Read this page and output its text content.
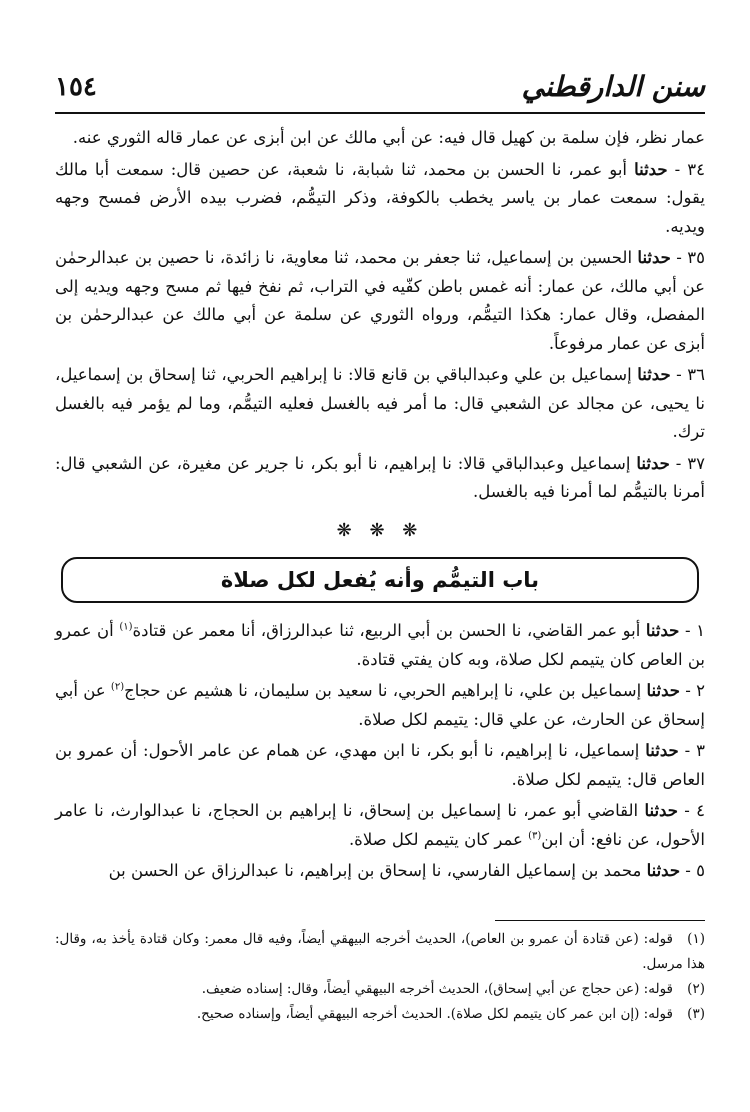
سنن الدارقطني
١٥٤

عمار نظر، فإن سلمة بن كهيل قال فيه: عن أبي مالك عن ابن أبزى عن عمار قاله الثوري عنه.

٣٤ - حدثنا أبو عمر، نا الحسن بن محمد، ثنا شبابة، نا شعبة، عن حصين قال: سمعت أبا مالك يقول: سمعت عمار بن ياسر يخطب بالكوفة، وذكر التيمُّم، فضرب بيده الأرض فمسح وجهه ويديه.

٣٥ - حدثنا الحسين بن إسماعيل، ثنا جعفر بن محمد، ثنا معاوية، نا زائدة، نا حصين بن عبدالرحمٰن عن أبي مالك، عن عمار: أنه غمس باطن كفّيه في التراب، ثم نفخ فيها ثم مسح وجهه ويديه إلى المفصل، وقال عمار: هكذا التيمُّم، ورواه الثوري عن سلمة عن أبي مالك عن عبدالرحمٰن بن أبزى عن عمار مرفوعاً.

٣٦ - حدثنا إسماعيل بن علي وعبدالباقي بن قانع قالا: نا إبراهيم الحربي، ثنا إسحاق بن إسماعيل، نا يحيى، عن مجالد عن الشعبي قال: ما أمر فيه بالغسل فعليه التيمُّم، وما لم يؤمر فيه بالغسل ترك.

٣٧ - حدثنا إسماعيل وعبدالباقي قالا: نا إبراهيم، نا أبو بكر، نا جرير عن مغيرة، عن الشعبي قال: أمرنا بالتيمُّم لما أمرنا فيه بالغسل.

❋ ❋ ❋
باب التيمُّم وأنه يُفعل لكل صلاة

١ - حدثنا أبو عمر القاضي، نا الحسن بن أبي الربيع، ثنا عبدالرزاق، أنا معمر عن قتادة$^{(١)}$ أن عمرو بن العاص كان يتيمم لكل صلاة، وبه كان يفتي قتادة.

٢ - حدثنا إسماعيل بن علي، نا إبراهيم الحربي، نا سعيد بن سليمان، نا هشيم عن حجاج$^{(٢)}$ عن أبي إسحاق عن الحارث، عن علي قال: يتيمم لكل صلاة.

٣ - حدثنا إسماعيل، نا إبراهيم، نا أبو بكر، نا ابن مهدي، عن همام عن عامر الأحول: أن عمرو بن العاص قال: يتيمم لكل صلاة.

٤ - حدثنا القاضي أبو عمر، نا إسماعيل بن إسحاق، نا إبراهيم بن الحجاج، نا عبدالوارث، نا عامر الأحول، عن نافع: أن ابن$^{(٣)}$ عمر كان يتيمم لكل صلاة.

٥ - حدثنا محمد بن إسماعيل الفارسي، نا إسحاق بن إبراهيم، نا عبدالرزاق عن الحسن بن

(١)قوله: (عن قتادة أن عمرو بن العاص)، الحديث أخرجه البيهقي أيضاً، وفيه قال معمر: وكان قتادة يأخذ به، وقال: هذا مرسل.

(٢)قوله: (عن حجاج عن أبي إسحاق)، الحديث أخرجه البيهقي أيضاً، وقال: إسناده ضعيف.

(٣)قوله: (إن ابن عمر كان يتيمم لكل صلاة). الحديث أخرجه البيهقي أيضاً، وإسناده صحيح.
